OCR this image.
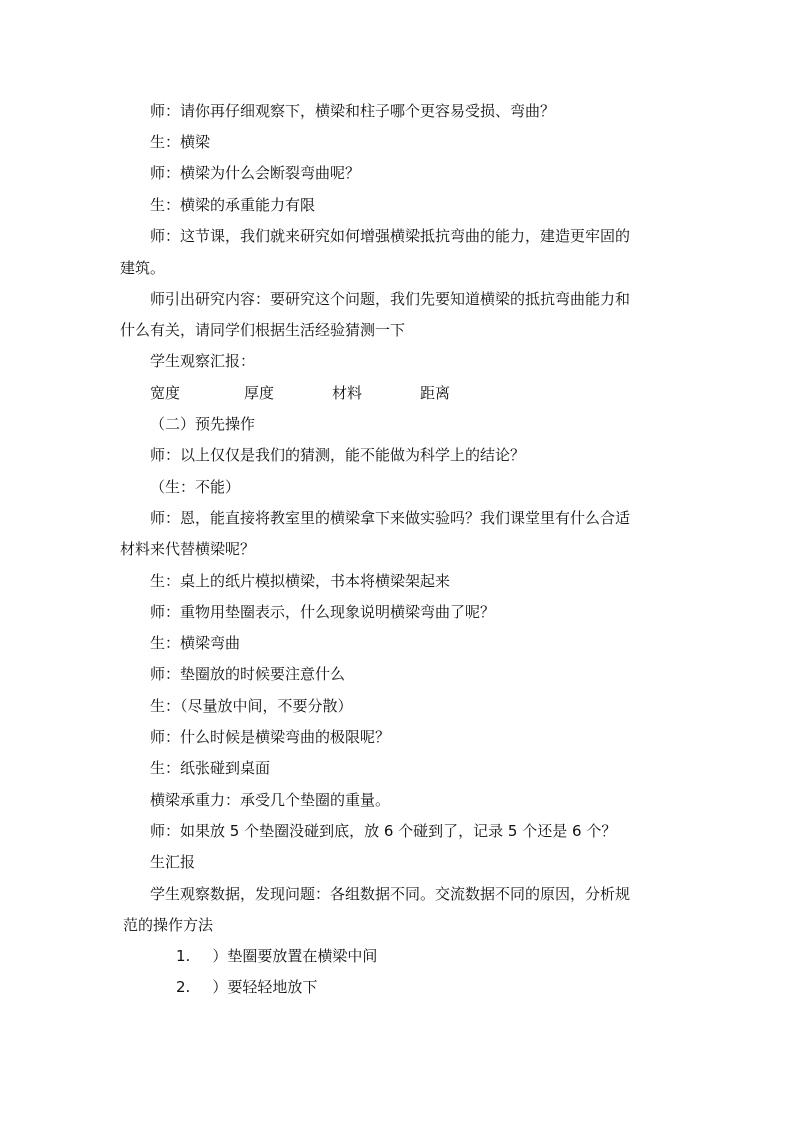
师：请你再仔细观察下，横梁和柱子哪个更容易受损、弯曲？
生：横梁
师：横梁为什么会断裂弯曲呢？
生：横梁的承重能力有限
师：这节课，我们就来研究如何增强横梁抵抗弯曲的能力，建造更牢固的
建筑。
师引出研究内容：要研究这个问题，我们先要知道横梁的抵抗弯曲能力和
什么有关，请同学们根据生活经验猜测一下
学生观察汇报：
宽度	厚度	材料	距离
（二）预先操作
师：以上仅仅是我们的猜测，能不能做为科学上的结论？
（生：不能）
师：恩，能直接将教室里的横梁拿下来做实验吗？我们课堂里有什么合适
材料来代替横梁呢？
生：桌上的纸片模拟横梁，书本将横梁架起来
师：重物用垫圈表示，什么现象说明横梁弯曲了呢？
生：横梁弯曲
师：垫圈放的时候要注意什么
生：（尽量放中间，不要分散）
师：什么时候是横梁弯曲的极限呢？
生：纸张碰到桌面
横梁承重力：承受几个垫圈的重量。
师：如果放 5 个垫圈没碰到底，放 6 个碰到了，记录 5 个还是 6 个？
生汇报
学生观察数据，发现问题：各组数据不同。交流数据不同的原因，分析规
范的操作方法
1. ）垫圈要放置在横梁中间
2. ）要轻轻地放下
